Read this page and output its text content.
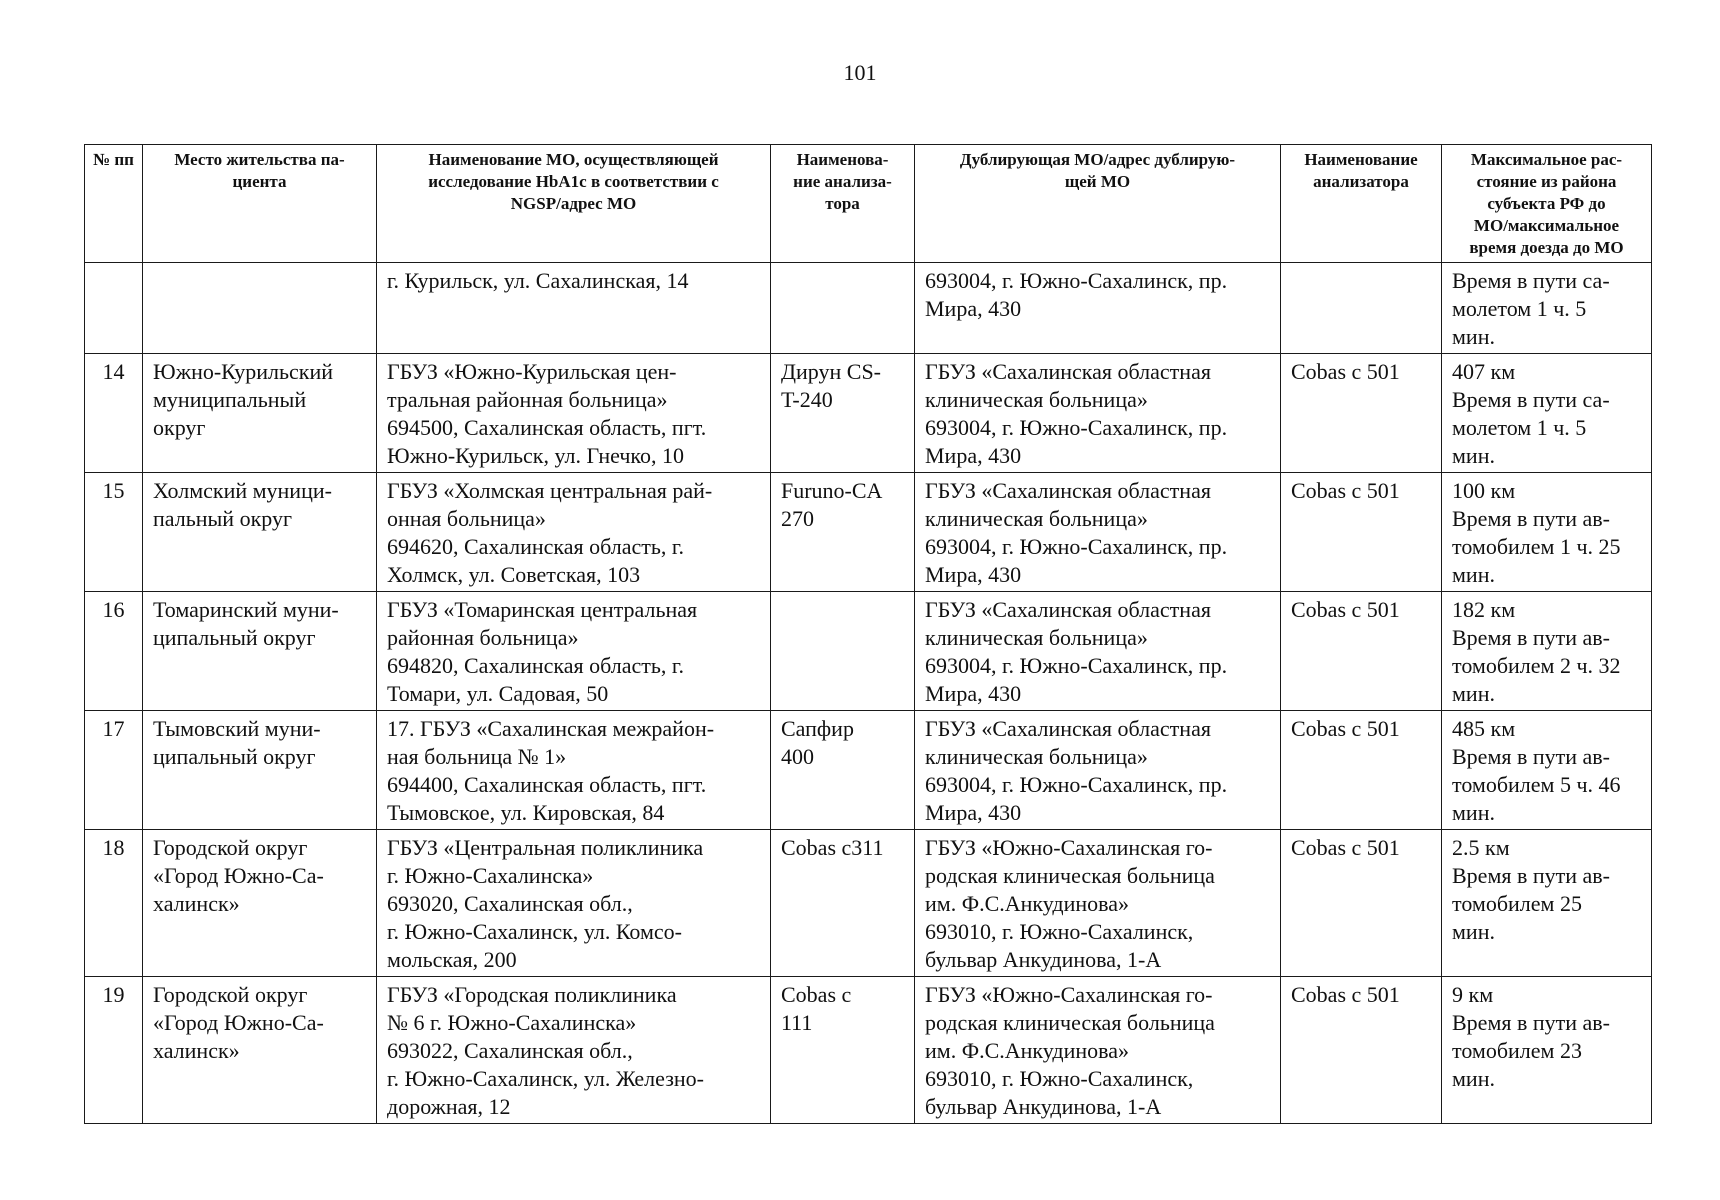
101
№ пп	Место жительства па-
циента	Наименование МО, осуществляющей
исследование HbA1c в соответствии с
NGSP/адрес МО	Наименова-
ние анализа-
тора	Дублирующая МО/адрес дублирую-
щей МО	Наименование
анализатора	Максимальное рас-
стояние из района
субъекта РФ до
МО/максимальное
время доезда до МО
		г. Курильск, ул. Сахалинская, 14		693004, г. Южно-Сахалинск, пр.
Мира, 430		Время в пути са-
молетом 1 ч. 5
мин.
14	Южно-Курильский
муниципальный
округ	ГБУЗ «Южно-Курильская цен-
тральная районная больница»
694500, Сахалинская область, пгт.
Южно-Курильск, ул. Гнечко, 10	Дирун CS-
T-240	ГБУЗ «Сахалинская областная
клиническая больница»
693004, г. Южно-Сахалинск, пр.
Мира, 430	Cobas c 501	407 км
Время в пути са-
молетом 1 ч. 5
мин.
15	Холмский муници-
пальный округ	ГБУЗ «Холмская центральная рай-
онная больница»
694620, Сахалинская область, г.
Холмск, ул. Советская, 103	Furuno-CA
270	ГБУЗ «Сахалинская областная
клиническая больница»
693004, г. Южно-Сахалинск, пр.
Мира, 430	Cobas c 501	100 км
Время в пути ав-
томобилем 1 ч. 25
мин.
16	Томаринский муни-
ципальный округ	ГБУЗ «Томаринская центральная
районная больница»
694820, Сахалинская область, г.
Томари, ул. Садовая, 50		ГБУЗ «Сахалинская областная
клиническая больница»
693004, г. Южно-Сахалинск, пр.
Мира, 430	Cobas c 501	182 км
Время в пути ав-
томобилем 2 ч. 32
мин.
17	Тымовский муни-
ципальный округ	17. ГБУЗ «Сахалинская межрайон-
ная больница № 1»
694400, Сахалинская область, пгт.
Тымовское, ул. Кировская, 84	Сапфир
400	ГБУЗ «Сахалинская областная
клиническая больница»
693004, г. Южно-Сахалинск, пр.
Мира, 430	Cobas c 501	485 км
Время в пути ав-
томобилем 5 ч. 46
мин.
18	Городской округ
«Город Южно-Са-
халинск»	ГБУЗ «Центральная поликлиника
г. Южно-Сахалинска»
693020, Сахалинская обл.,
г. Южно-Сахалинск, ул. Комсо-
мольская, 200	Cobas c311	ГБУЗ «Южно-Сахалинская го-
родская клиническая больница
им. Ф.С.Анкудинова»
693010, г. Южно-Сахалинск,
бульвар Анкудинова, 1-А	Cobas c 501	2.5 км
Время в пути ав-
томобилем 25
мин.
19	Городской округ
«Город Южно-Са-
халинск»	ГБУЗ «Городская поликлиника
№ 6 г. Южно-Сахалинска»
693022, Сахалинская обл.,
г. Южно-Сахалинск, ул. Железно-
дорожная, 12	Cobas c
111	ГБУЗ «Южно-Сахалинская го-
родская клиническая больница
им. Ф.С.Анкудинова»
693010, г. Южно-Сахалинск,
бульвар Анкудинова, 1-А	Cobas c 501	9 км
Время в пути ав-
томобилем 23
мин.
